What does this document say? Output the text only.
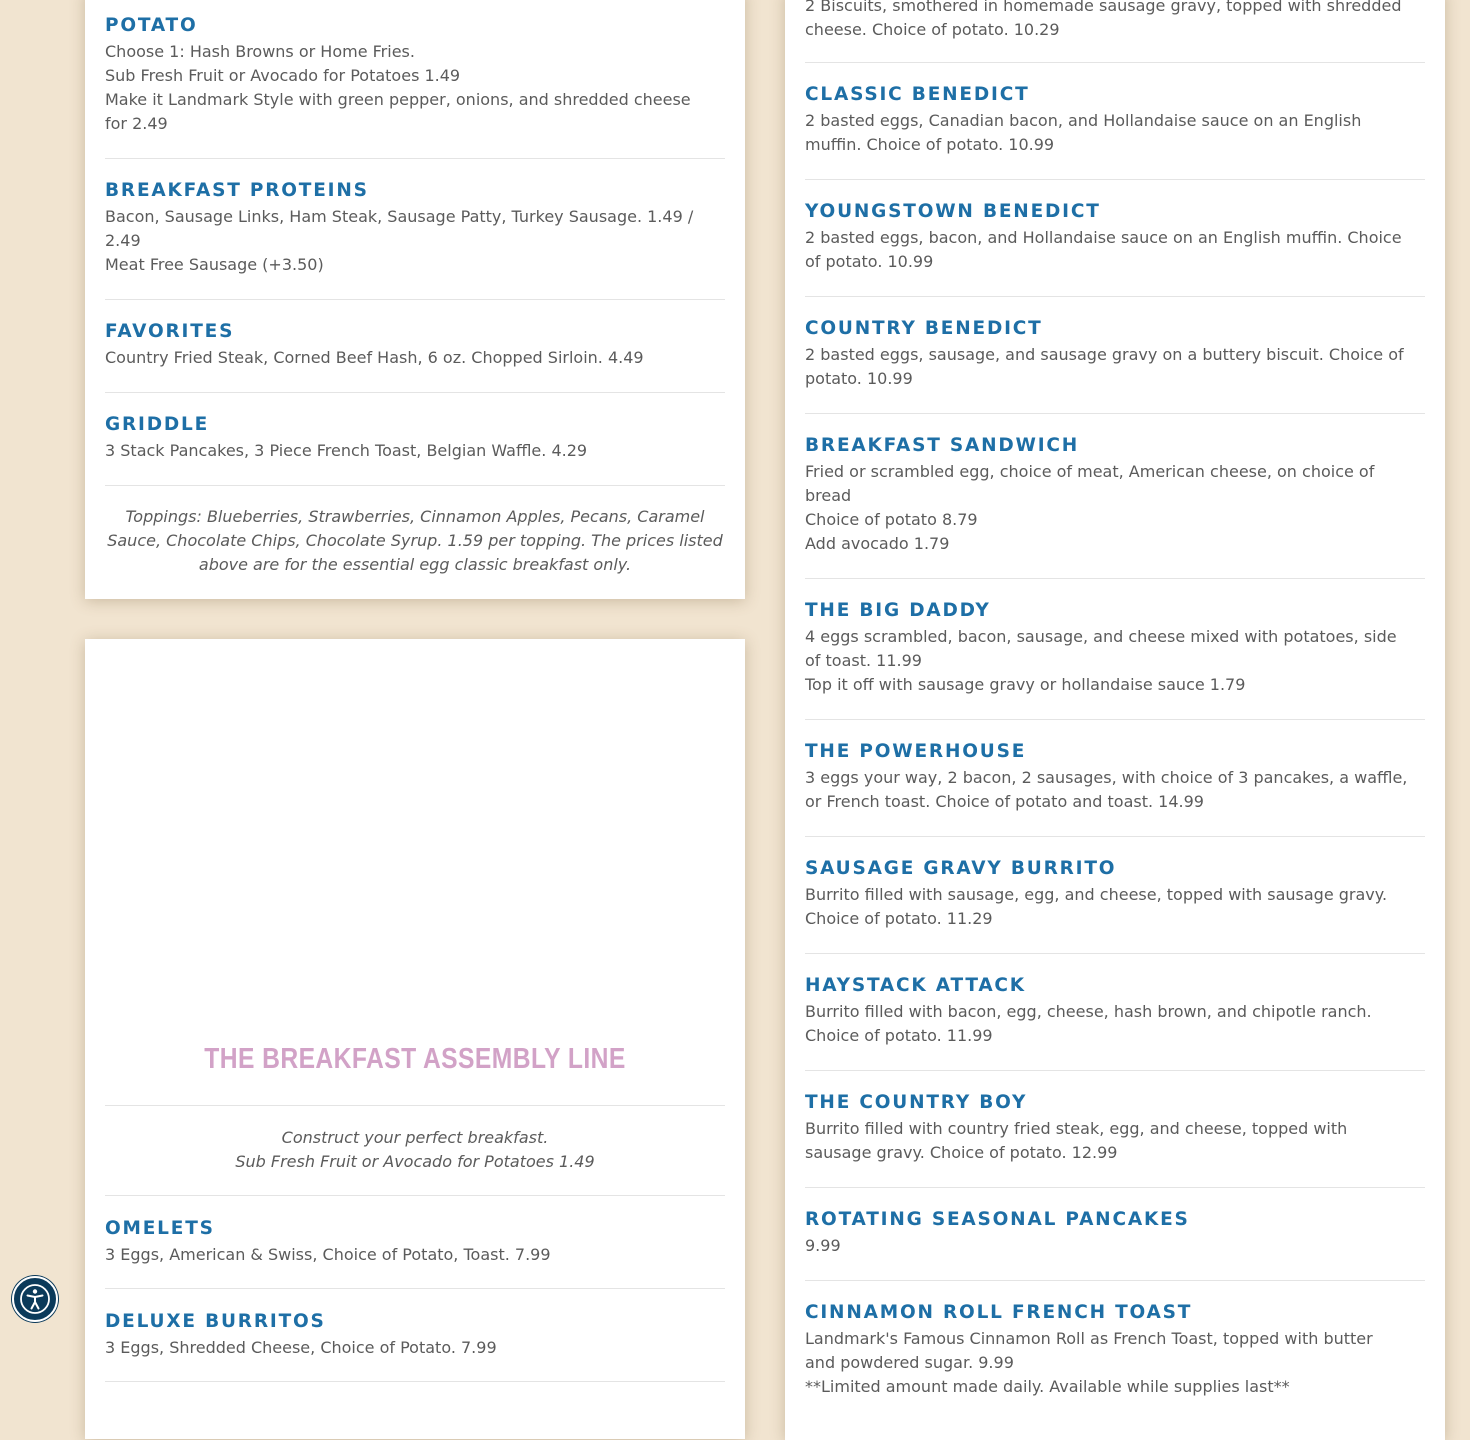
POTATO
Choose 1: Hash Browns or Home Fries.
Sub Fresh Fruit or Avocado for Potatoes 1.49
Make it Landmark Style with green pepper, onions, and shredded cheese
for 2.49
BREAKFAST PROTEINS
Bacon, Sausage Links, Ham Steak, Sausage Patty, Turkey Sausage. 1.49 /
2.49
Meat Free Sausage (+3.50)
FAVORITES
Country Fried Steak, Corned Beef Hash, 6 oz. Chopped Sirloin. 4.49
GRIDDLE
3 Stack Pancakes, 3 Piece French Toast, Belgian Waffle. 4.29
Toppings: Blueberries, Strawberries, Cinnamon Apples, Pecans, Caramel
Sauce, Chocolate Chips, Chocolate Syrup. 1.59 per topping. The prices listed
above are for the essential egg classic breakfast only.
THE BREAKFAST ASSEMBLY LINE
Construct your perfect breakfast.
Sub Fresh Fruit or Avocado for Potatoes 1.49
OMELETS
3 Eggs, American & Swiss, Choice of Potato, Toast. 7.99
DELUXE BURRITOS
3 Eggs, Shredded Cheese, Choice of Potato. 7.99
2 Biscuits, smothered in homemade sausage gravy, topped with shredded
cheese. Choice of potato. 10.29
CLASSIC BENEDICT
2 basted eggs, Canadian bacon, and Hollandaise sauce on an English
muffin. Choice of potato. 10.99
YOUNGSTOWN BENEDICT
2 basted eggs, bacon, and Hollandaise sauce on an English muffin. Choice
of potato. 10.99
COUNTRY BENEDICT
2 basted eggs, sausage, and sausage gravy on a buttery biscuit. Choice of
potato. 10.99
BREAKFAST SANDWICH
Fried or scrambled egg, choice of meat, American cheese, on choice of
bread
Choice of potato 8.79
Add avocado 1.79
THE BIG DADDY
4 eggs scrambled, bacon, sausage, and cheese mixed with potatoes, side
of toast. 11.99
Top it off with sausage gravy or hollandaise sauce 1.79
THE POWERHOUSE
3 eggs your way, 2 bacon, 2 sausages, with choice of 3 pancakes, a waffle,
or French toast. Choice of potato and toast. 14.99
SAUSAGE GRAVY BURRITO
Burrito filled with sausage, egg, and cheese, topped with sausage gravy.
Choice of potato. 11.29
HAYSTACK ATTACK
Burrito filled with bacon, egg, cheese, hash brown, and chipotle ranch.
Choice of potato. 11.99
THE COUNTRY BOY
Burrito filled with country fried steak, egg, and cheese, topped with
sausage gravy. Choice of potato. 12.99
ROTATING SEASONAL PANCAKES
9.99
CINNAMON ROLL FRENCH TOAST
Landmark's Famous Cinnamon Roll as French Toast, topped with butter
and powdered sugar. 9.99
**Limited amount made daily. Available while supplies last**
